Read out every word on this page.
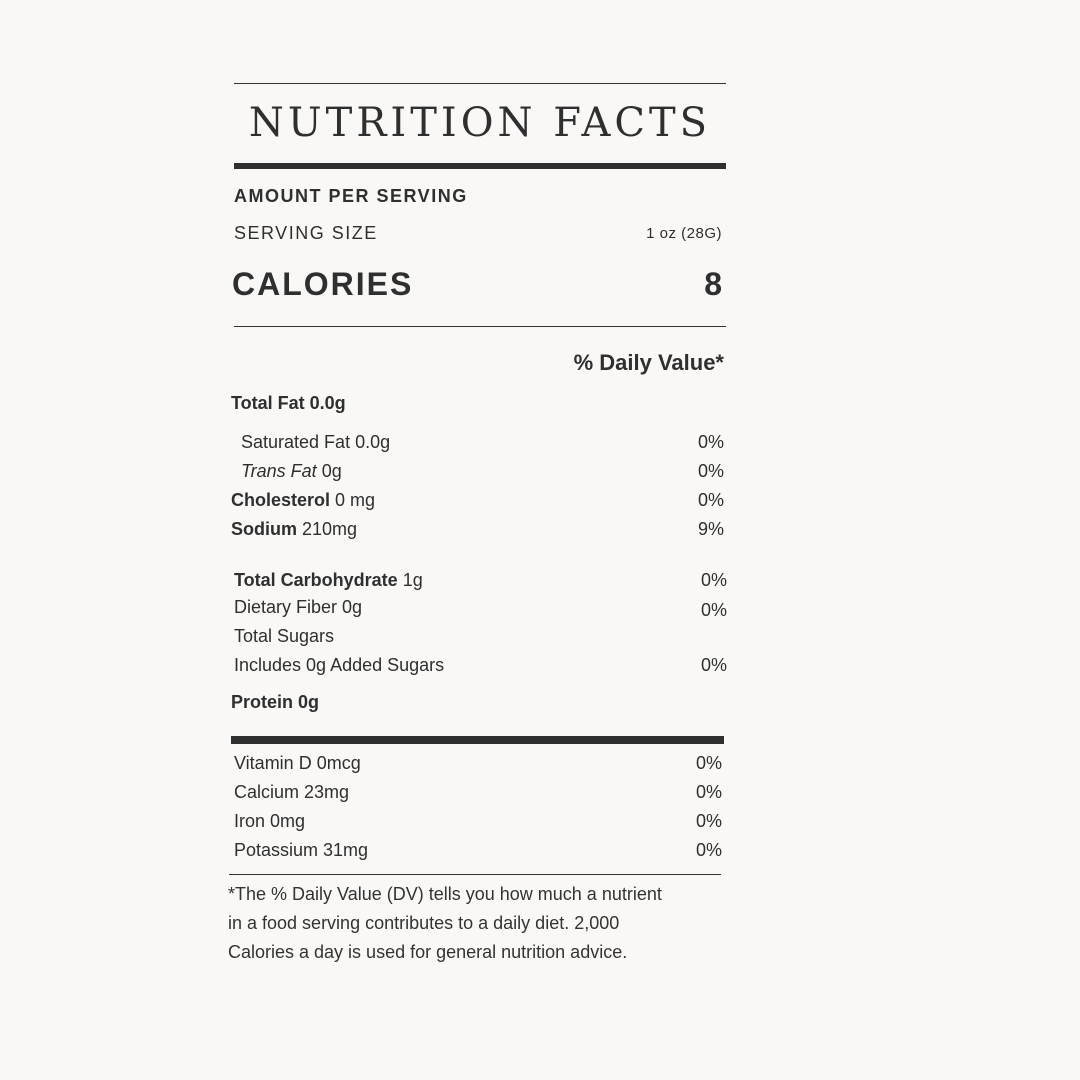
NUTRITION FACTS
AMOUNT PER SERVING
SERVING SIZE	1 oz (28G)
CALORIES	8
% Daily Value*
Total Fat 0.0g
Saturated Fat 0.0g	0%
Trans Fat 0g	0%
Cholesterol 0 mg	0%
Sodium 210mg	9%
Total Carbohydrate 1g	0%
Dietary Fiber 0g	0%
Total Sugars
Includes 0g Added Sugars	0%
Protein 0g
Vitamin D 0mcg	0%
Calcium 23mg	0%
Iron 0mg	0%
Potassium 31mg	0%
*The % Daily Value (DV) tells you how much a nutrient
in a food serving contributes to a daily diet. 2,000
Calories a day is used for general nutrition advice.
